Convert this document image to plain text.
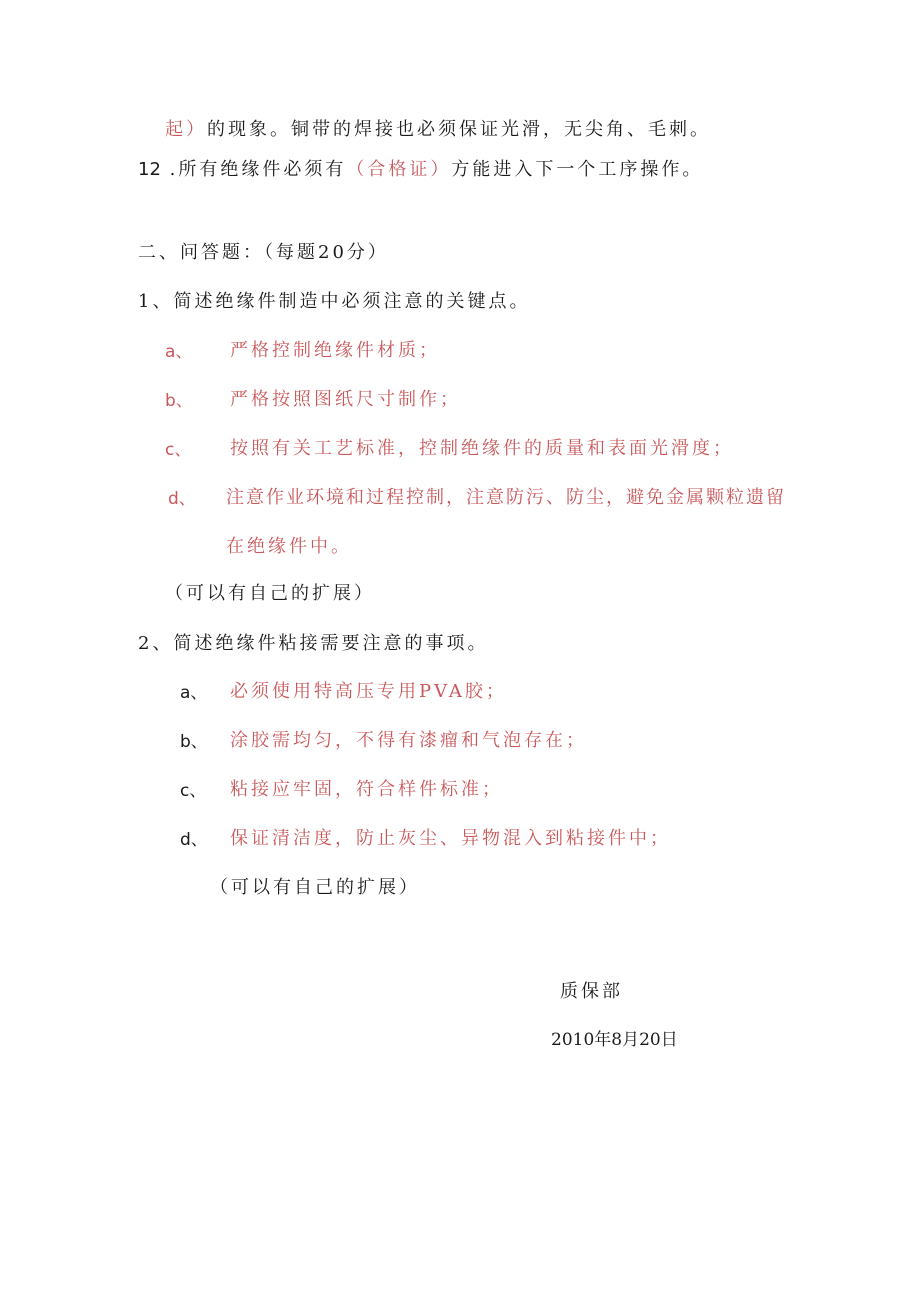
起）的现象。铜带的焊接也必须保证光滑，无尖角、毛刺。
12 .所有绝缘件必须有（合格证）方能进入下一个工序操作。
二、问答题：（每题20分）
1、简述绝缘件制造中必须注意的关键点。
a、 严格控制绝缘件材质；
b、 严格按照图纸尺寸制作；
c、 按照有关工艺标准，控制绝缘件的质量和表面光滑度；
d、 注意作业环境和过程控制，注意防污、防尘，避免金属颗粒遗留
在绝缘件中。
（可以有自己的扩展）
2、简述绝缘件粘接需要注意的事项。
a、 必须使用特高压专用PVA胶；
b、 涂胶需均匀，不得有漆瘤和气泡存在；
c、 粘接应牢固，符合样件标准；
d、 保证清洁度，防止灰尘、异物混入到粘接件中；
（可以有自己的扩展）
质保部
2010年8月20日
